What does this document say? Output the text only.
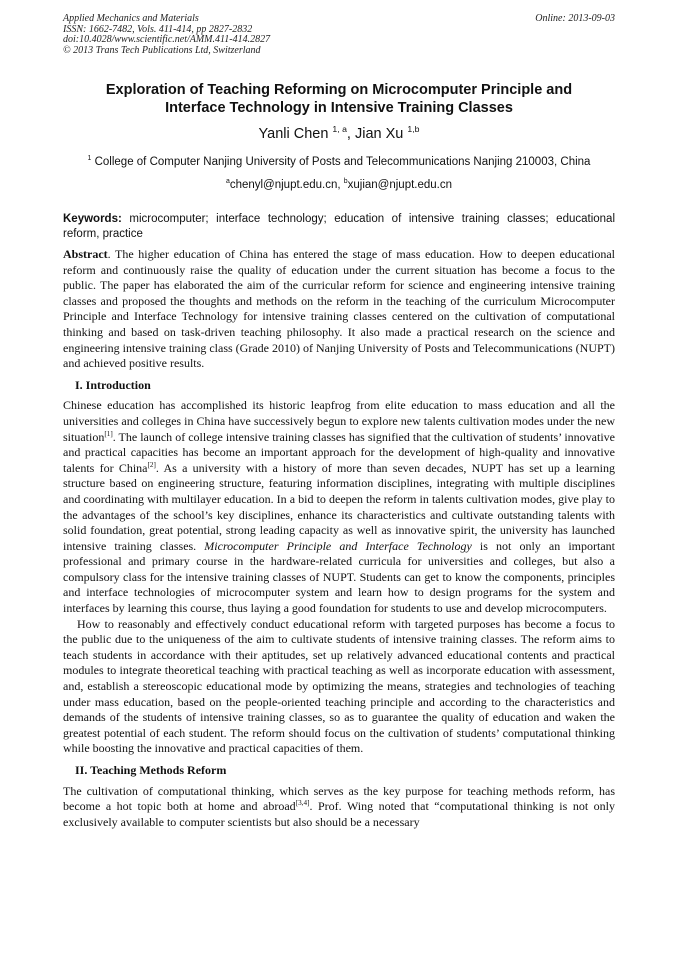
Applied Mechanics and Materials
ISSN: 1662-7482, Vols. 411-414, pp 2827-2832
doi:10.4028/www.scientific.net/AMM.411-414.2827
© 2013 Trans Tech Publications Ltd, Switzerland
Online: 2013-09-03
Exploration of Teaching Reforming on Microcomputer Principle and
Interface Technology in Intensive Training Classes
Yanli Chen $^{1, a}$, Jian Xu $^{1,b}$
$^1$ College of Computer Nanjing University of Posts and Telecommunications Nanjing 210003, China
$^a$chenyl@njupt.edu.cn, $^b$xujian@njupt.edu.cn
Keywords: microcomputer; interface technology; education of intensive training classes; educational reform, practice

Abstract. The higher education of China has entered the stage of mass education. How to deepen educational reform and continuously raise the quality of education under the current situation has become a focus to the public. The paper has elaborated the aim of the curricular reform for science and engineering intensive training classes and proposed the thoughts and methods on the reform in the teaching of the curriculum Microcomputer Principle and Interface Technology for intensive training classes centered on the cultivation of computational thinking and based on task-driven teaching philosophy. It also made a practical research on the science and engineering intensive training class (Grade 2010) of Nanjing University of Posts and Telecommunications (NUPT) and achieved positive results.

I. Introduction

Chinese education has accomplished its historic leapfrog from elite education to mass education and all the universities and colleges in China have successively begun to explore new talents cultivation modes under the new situation[1]. The launch of college intensive training classes has signified that the cultivation of students’ innovative and practical capacities has become an important approach for the development of high-quality and innovative talents for China[2]. As a university with a history of more than seven decades, NUPT has set up a learning structure based on engineering structure, featuring information disciplines, integrating with multiple disciplines and coordinating with multilayer education. In a bid to deepen the reform in talents cultivation modes, give play to the advantages of the school’s key disciplines, enhance its characteristics and cultivate outstanding talents with solid foundation, great potential, strong leading capacity as well as innovative spirit, the university has launched intensive training classes. Microcomputer Principle and Interface Technology is not only an important professional and primary course in the hardware-related curricula for universities and colleges, but also a compulsory class for the intensive training classes of NUPT. Students can get to know the components, principles and interface technologies of microcomputer system and learn how to design programs for the system and interfaces by learning this course, thus laying a good foundation for students to use and develop microcomputers.

How to reasonably and effectively conduct educational reform with targeted purposes has become a focus to the public due to the uniqueness of the aim to cultivate students of intensive training classes. The reform aims to teach students in accordance with their aptitudes, set up relatively advanced educational contents and practical modules to integrate theoretical teaching with practical teaching as well as incorporate education with assessment, and, establish a stereoscopic educational mode by optimizing the means, strategies and technologies of teaching under mass education, based on the people-oriented teaching principle and according to the characteristics and demands of the students of intensive training classes, so as to guarantee the quality of education and waken the greatest potential of each student. The reform should focus on the cultivation of students’ computational thinking while boosting the innovative and practical capacities of them.

II. Teaching Methods Reform

The cultivation of computational thinking, which serves as the key purpose for teaching methods reform, has become a hot topic both at home and abroad[3,4]. Prof. Wing noted that “computational thinking is not only exclusively available to computer scientists but also should be a necessary
